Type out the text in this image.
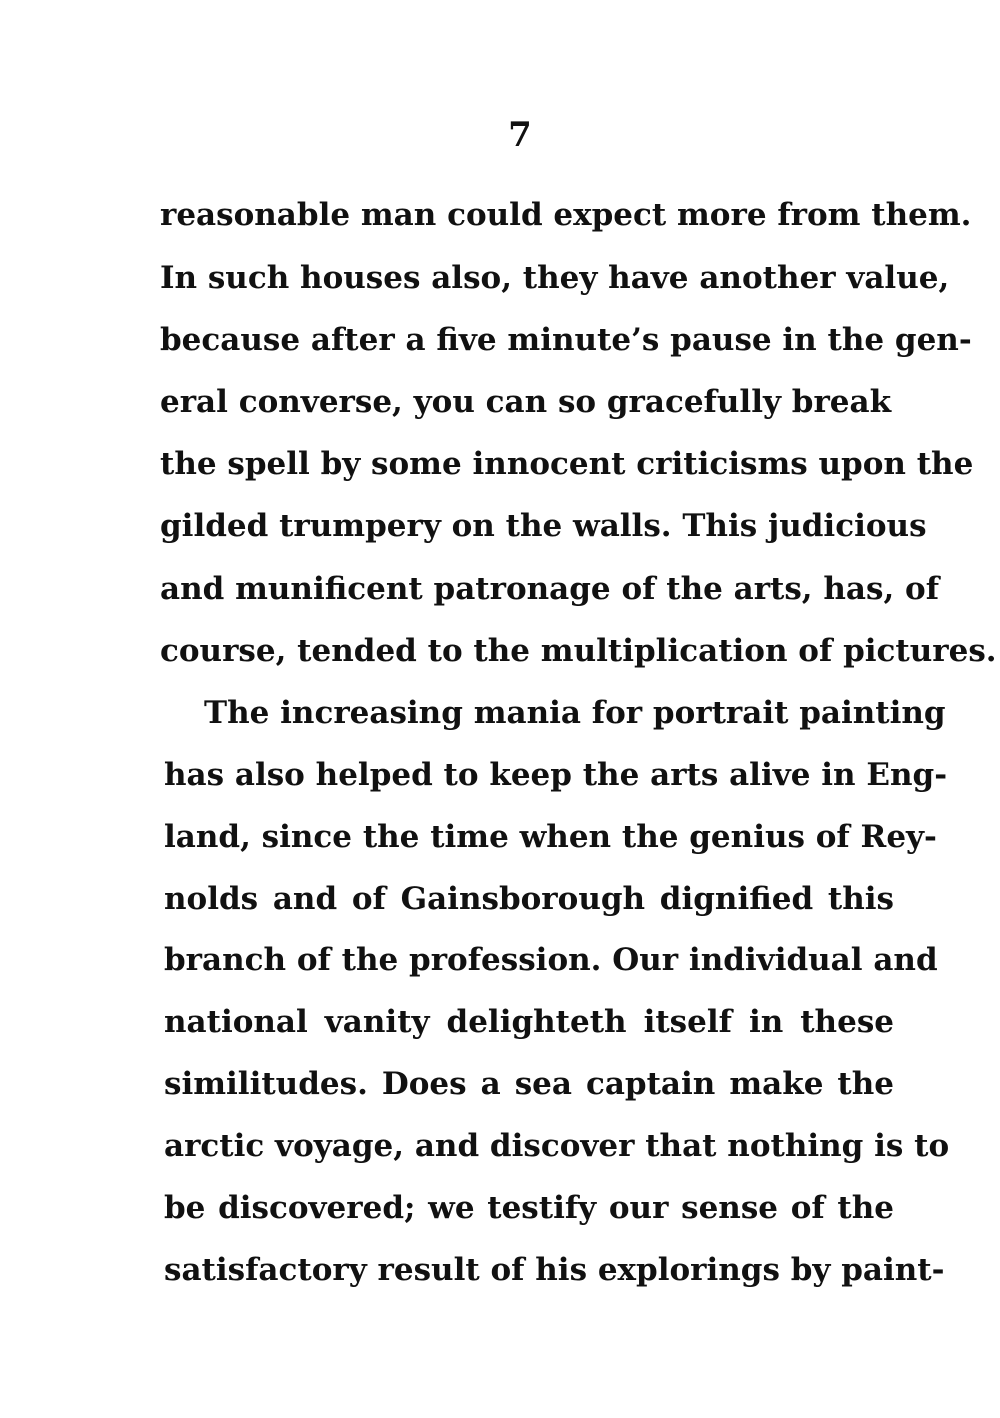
7
reasonable man could expect more from them.
In such houses also, they have another value,
because after a five minute’s pause in the gen-
eral converse, you can so gracefully break
the spell by some innocent criticisms upon the
gilded trumpery on the walls. This judicious
and munificent patronage of the arts, has, of
course, tended to the multiplication of pictures.
The increasing mania for portrait painting
has also helped to keep the arts alive in Eng-
land, since the time when the genius of Rey-
nolds and of Gainsborough dignified this
branch of the profession. Our individual and
national vanity delighteth itself in these
similitudes. Does a sea captain make the
arctic voyage, and discover that nothing is to
be discovered; we testify our sense of the
satisfactory result of his explorings by paint-
